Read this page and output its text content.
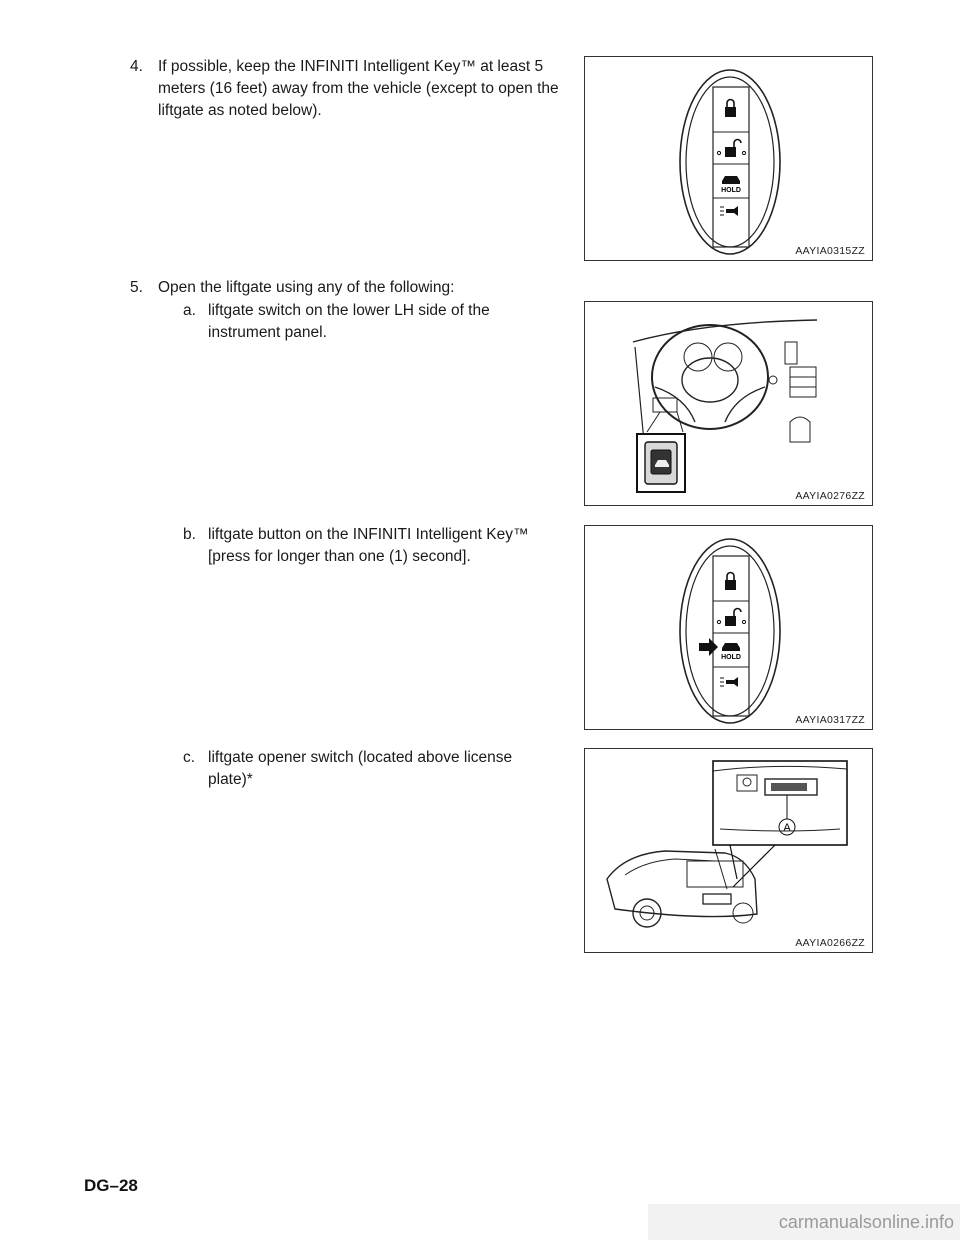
4. If possible, keep the INFINITI Intelligent Key™ at least 5 meters (16 feet) away from the vehicle (except to open the liftgate as noted below).
HOLD
AAYIA0315ZZ
5. Open the liftgate using any of the following:
a. liftgate switch on the lower LH side of the instrument panel.
AAYIA0276ZZ
b. liftgate button on the INFINITI Intelligent Key™ [press for longer than one (1) second].
HOLD
AAYIA0317ZZ
c. liftgate opener switch (located above license plate)*
A
AAYIA0266ZZ
DG–28
carmanualsonline.info
